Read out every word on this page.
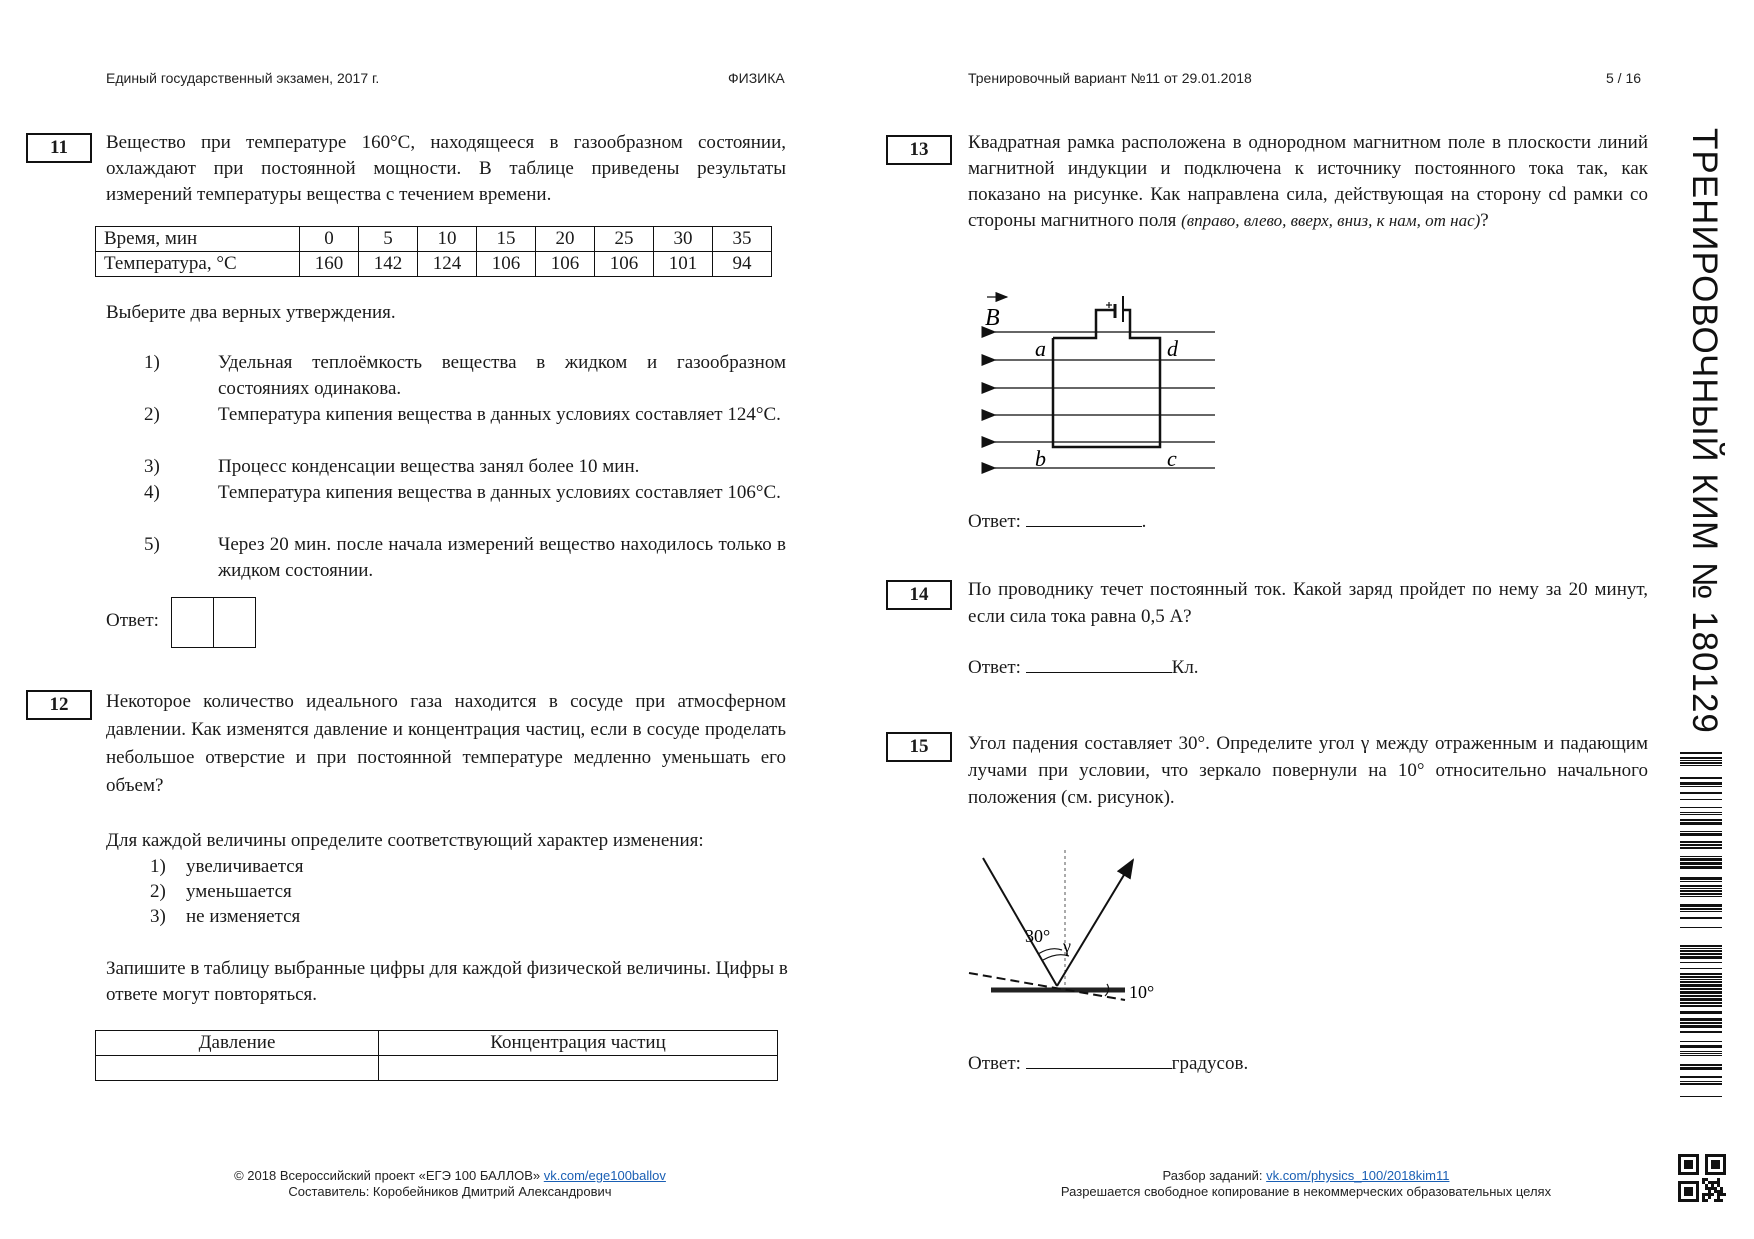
Единый государственный экзамен, 2017 г.	ФИЗИКА	Тренировочный вариант №11 от 29.01.2018	5 / 16
ТРЕНИРОВОЧНЫЙ КИМ № 180129
11	Вещество при температуре 160°С, находящееся в газообразном состоянии, охлаждают при постоянной мощности. В таблице приведены результаты измерений температуры вещества с течением времени.
Время, мин	0	5	10	15	20	25	30	35
Температура, °С	160	142	124	106	106	106	101	94
Выберите два верных утверждения.
1)	Удельная теплоёмкость вещества в жидком и газообразном состояниях одинакова.
2)	Температура кипения вещества в данных условиях составляет 124°С.
3)	Процесс конденсации вещества занял более 10 мин.
4)	Температура кипения вещества в данных условиях составляет 106°С.
5)	Через 20 мин. после начала измерений вещество находилось только в жидком состоянии.
Ответ:
12	Некоторое количество идеального газа находится в сосуде при атмосферном давлении. Как изменятся давление и концентрация частиц, если в сосуде проделать небольшое отверстие и при постоянной температуре медленно уменьшать его объем?
Для каждой величины определите соответствующий характер изменения:
1) увеличивается
2) уменьшается
3) не изменяется
Запишите в таблицу выбранные цифры для каждой физической величины. Цифры в ответе могут повторяться.
Давление	Концентрация частиц

13	Квадратная рамка расположена в однородном магнитном поле в плоскости линий магнитной индукции и подключена к источнику постоянного тока так, как показано на рисунке. Как направлена сила, действующая на сторону cd рамки со стороны магнитного поля (вправо, влево, вверх, вниз, к нам, от нас)?
B
a	d
b	c
Ответ:	.
14	По проводнику течет постоянный ток. Какой заряд пройдет по нему за 20 минут, если сила тока равна 0,5 А?
Ответ:	Кл.
15	Угол падения составляет 30°. Определите угол γ между отраженным и падающим лучами при условии, что зеркало повернули на 10° относительно начального положения (см. рисунок).
30° γ
10°
Ответ:	градусов.
© 2018 Всероссийский проект «ЕГЭ 100 БАЛЛОВ» vk.com/ege100ballov
Составитель: Коробейников Дмитрий Александрович
Разбор заданий: vk.com/physics_100/2018kim11
Разрешается свободное копирование в некоммерческих образовательных целях
